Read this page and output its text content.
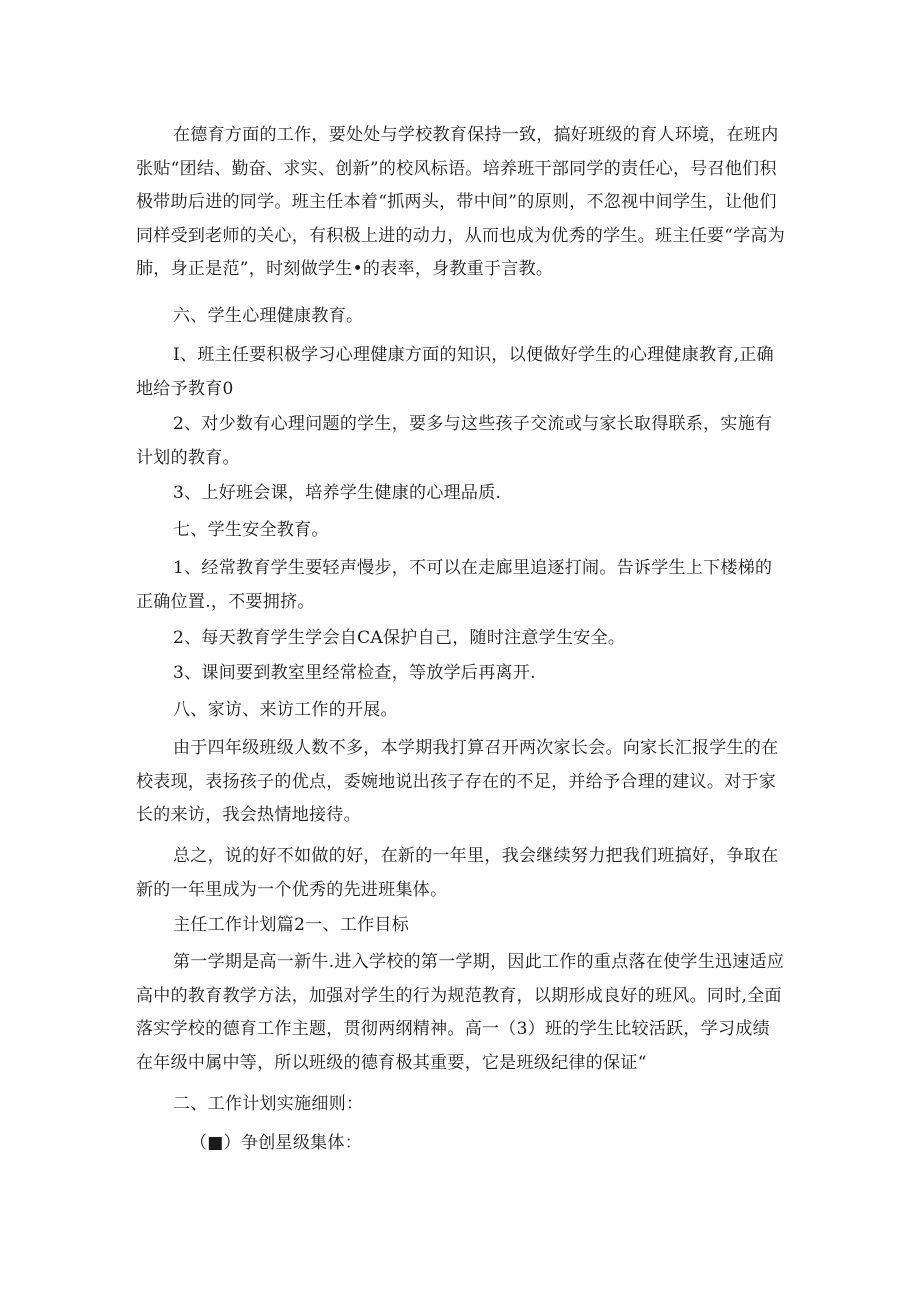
在德育方面的工作，要处处与学校教育保持一致，搞好班级的育人环境，在班内张贴“团结、勤奋、求实、创新”的校风标语。培养班干部同学的责任心，号召他们积极带助后进的同学。班主任本着“抓两头，带中间”的原则，不忽视中间学生，让他们同样受到老师的关心，有积极上进的动力，从而也成为优秀的学生。班主任要“学高为肺，身正是范”，时刻做学生•的表率，身教重于言教。

六、学生心理健康教育。

I、班主任要积极学习心理健康方面的知识，以便做好学生的心理健康教育,正确地给予教育0

2、对少数有心理问题的学生，要多与这些孩子交流或与家长取得联系，实施有计划的教育。

3、上好班会课，培养学生健康的心理品质.

七、学生安全教育。

1、经常教育学生要轻声慢步，不可以在走廊里追逐打闹。告诉学生上下楼梯的正确位置.，不要拥挤。

2、每天教育学生学会自CA保护自己，随时注意学生安全。

3、课间要到教室里经常检查，等放学后再离开.

八、家访、来访工作的开展。

由于四年级班级人数不多，本学期我打算召开两次家长会。向家长汇报学生的在校表现，表扬孩子的优点，委婉地说出孩子存在的不足，并给予合理的建议。对于家长的来访，我会热情地接待。

总之，说的好不如做的好，在新的一年里，我会继续努力把我们班搞好，争取在新的一年里成为一个优秀的先进班集体。

主任工作计划篇2一、工作目标

第一学期是高一新牛.进入学校的第一学期，因此工作的重点落在使学生迅速适应高中的教育教学方法，加强对学生的行为规范教育，以期形成良好的班风。同时,全面落实学校的德育工作主题，贯彻两纲精神。高一（3）班的学生比较活跃，学习成绩在年级中属中等，所以班级的德育极其重要，它是班级纪律的保证“

二、工作计划实施细则：

（■）争创星级集体：
